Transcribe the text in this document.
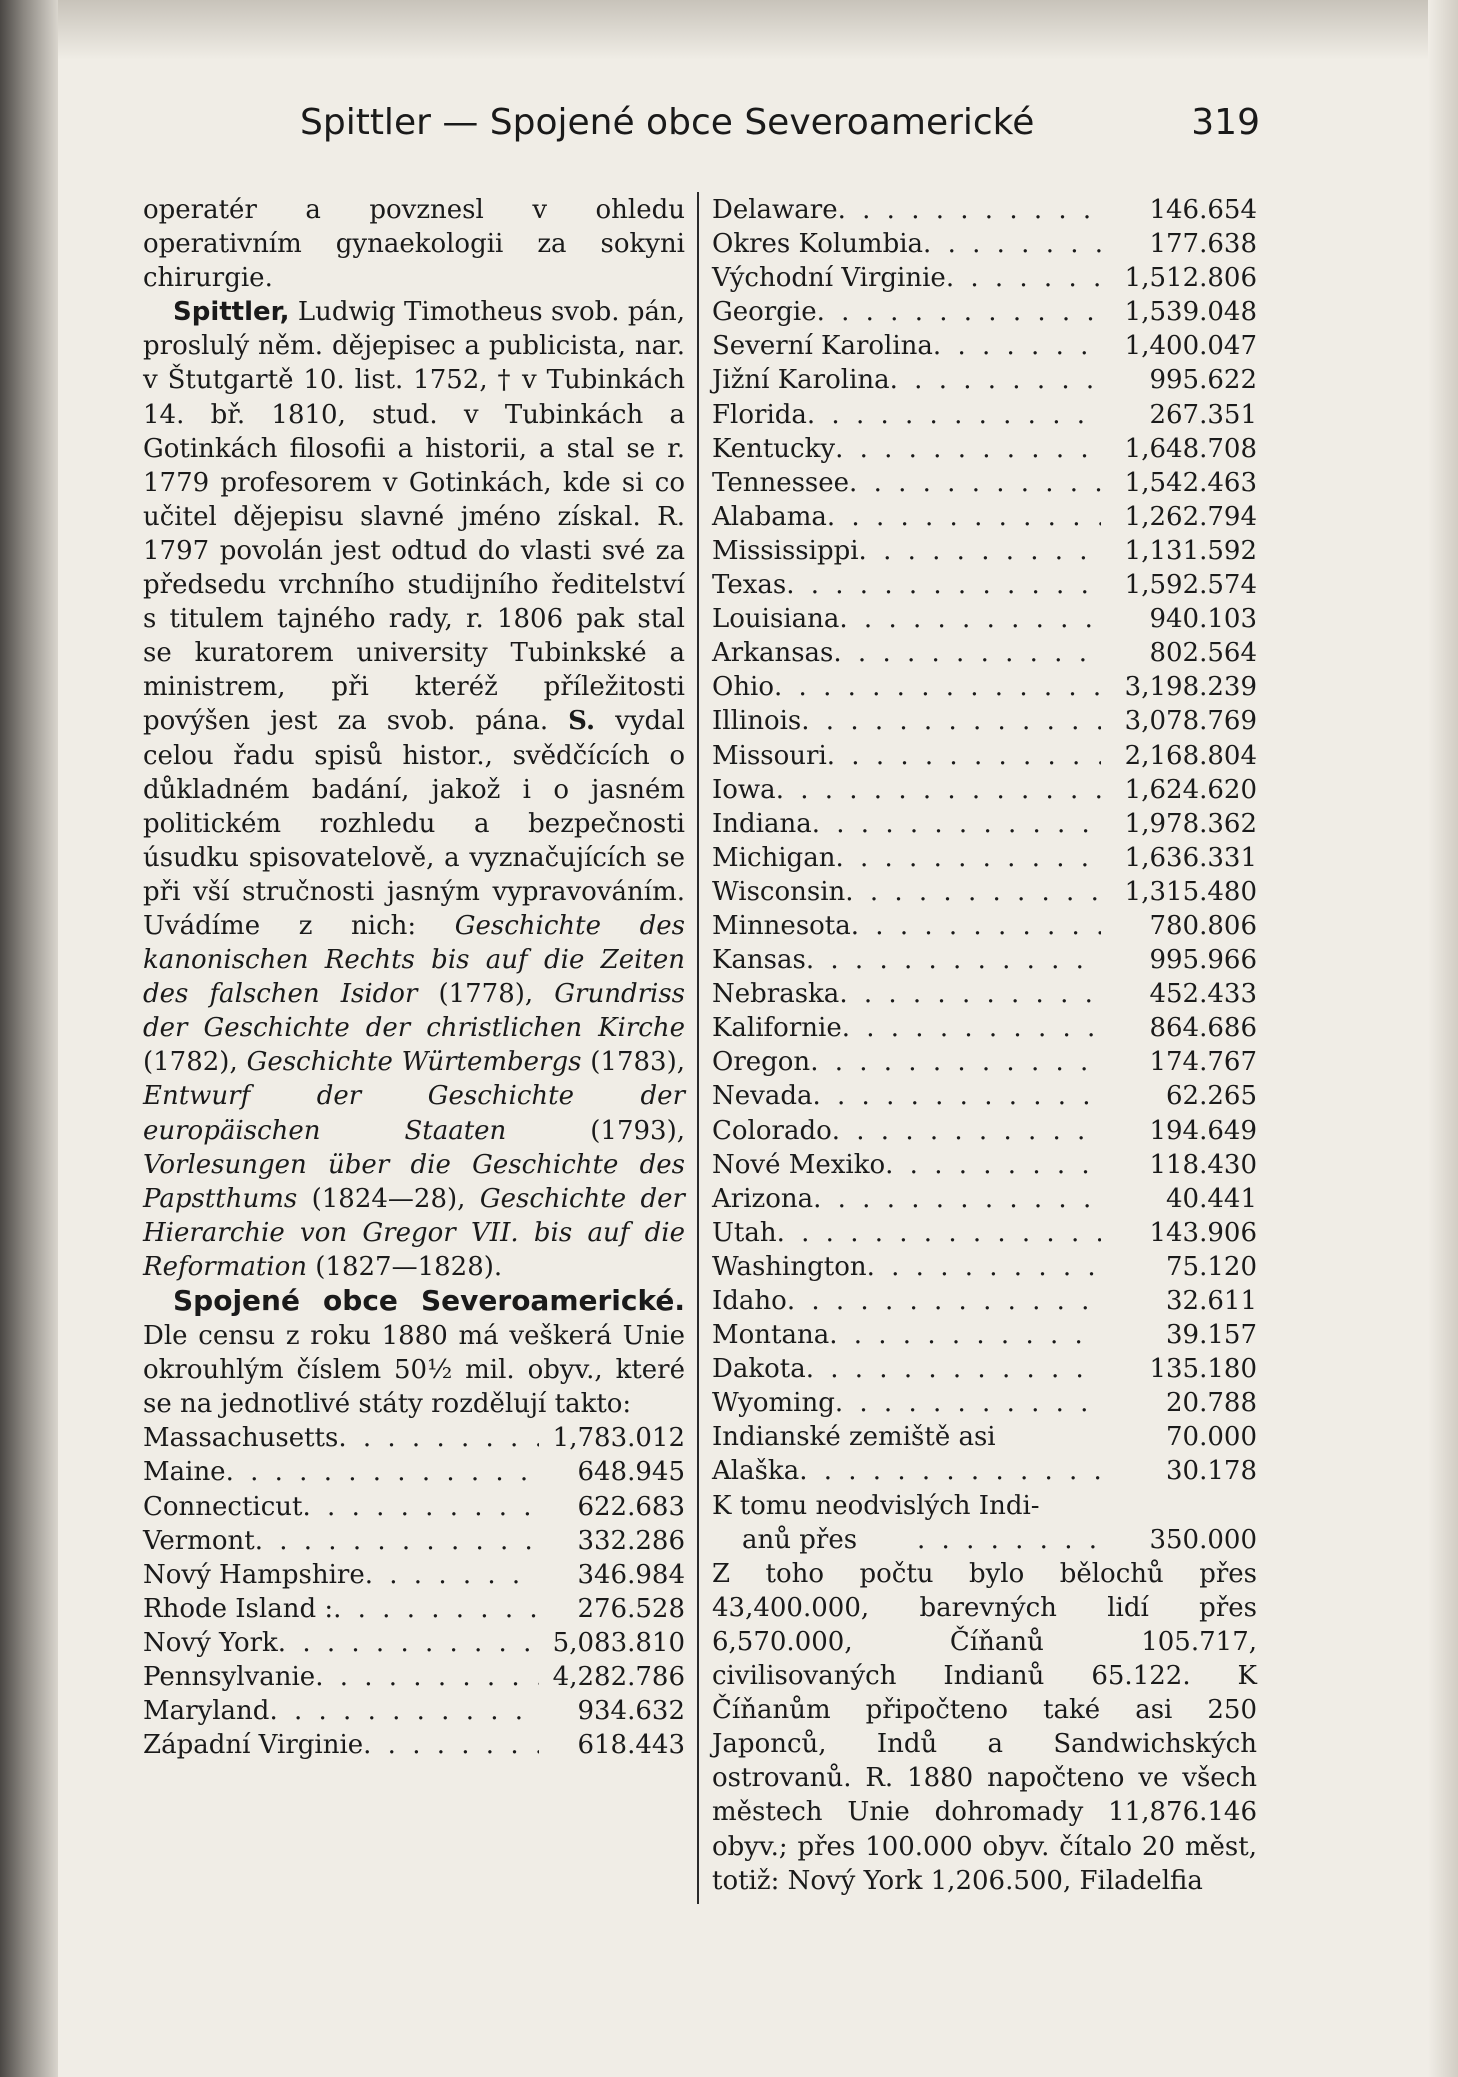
Spittler — Spojené obce Severoamerické	319

operatér a povznesl v ohledu operativním gynaekologii za sokyni chirurgie.

Spittler, Ludwig Timotheus svob. pán, proslulý něm. dějepisec a publicista, nar. v Štutgartě 10. list. 1752, † v Tubinkách 14. bř. 1810, stud. v Tubinkách a Gotinkách filosofii a historii, a stal se r. 1779 profesorem v Gotinkách, kde si co učitel dějepisu slavné jméno získal. R. 1797 povolán jest odtud do vlasti své za předsedu vrchního studijního ředitelství s titulem tajného rady, r. 1806 pak stal se kuratorem university Tubinkské a ministrem, při kteréž příležitosti povýšen jest za svob. pána. S. vydal celou řadu spisů histor., svědčících o důkladném badání, jakož i o jasném politickém rozhledu a bezpečnosti úsudku spisovatelově, a vyznačujících se při vší stručnosti jasným vypravováním. Uvádíme z nich: Geschichte des kanonischen Rechts bis auf die Zeiten des falschen Isidor (1778), Grundriss der Geschichte der christlichen Kirche (1782), Geschichte Würtembergs (1783), Entwurf der Geschichte der europäischen Staaten (1793), Vorlesungen über die Geschichte des Papstthums (1824—28), Geschichte der Hierarchie von Gregor VII. bis auf die Reformation (1827—1828).

Spojené obce Severoamerické. Dle censu z roku 1880 má veškerá Unie okrouhlým číslem 50½ mil. obyv., které se na jednotlivé státy rozdělují takto:

Massachusetts . . .	1,783.012
Maine . . .	648.945
Connecticut . . .	622.683
Vermont . . .	332.286
Nový Hampshire . . .	346.984
Rhode Island : . . .	276.528
Nový York . . .	5,083.810
Pennsylvanie . . .	4,282.786
Maryland . . .	934.632
Západní Virginie . . .	618.443
Delaware . . .	146.654
Okres Kolumbia . . .	177.638
Východní Virginie . . .	1,512.806
Georgie . . .	1,539.048
Severní Karolina . . .	1,400.047
Jižní Karolina . . .	995.622
Florida . . .	267.351
Kentucky . . .	1,648.708
Tennessee . . .	1,542.463
Alabama . . .	1,262.794
Mississippi . . .	1,131.592
Texas . . .	1,592.574
Louisiana . . .	940.103
Arkansas . . .	802.564
Ohio . . .	3,198.239
Illinois . . .	3,078.769
Missouri . . .	2,168.804
Iowa . . .	1,624.620
Indiana . . .	1,978.362
Michigan . . .	1,636.331
Wisconsin . . .	1,315.480
Minnesota . . .	780.806
Kansas . . .	995.966
Nebraska . . .	452.433
Kalifornie . . .	864.686
Oregon . . .	174.767
Nevada . . .	62.265
Colorado . . .	194.649
Nové Mexiko . . .	118.430
Arizona . . .	40.441
Utah . . .	143.906
Washington . . .	75.120
Idaho . . .	32.611
Montana . . .	39.157
Dakota . . .	135.180
Wyoming . . .	20.788
Indianské zemiště asi	70.000
Alaška . . .	30.178
K tomu neodvislých Indi-
anů přes . . .	350.000

Z toho počtu bylo bělochů přes 43,400.000, barevných lidí přes 6,570.000, Číňanů 105.717, civilisovaných Indianů 65.122. K Číňanům připočteno také asi 250 Japonců, Indů a Sandwichských ostrovanů. R. 1880 napočteno ve všech městech Unie dohromady 11,876.146 obyv.; přes 100.000 obyv. čítalo 20 měst, totiž: Nový York 1,206.500, Filadelfia
